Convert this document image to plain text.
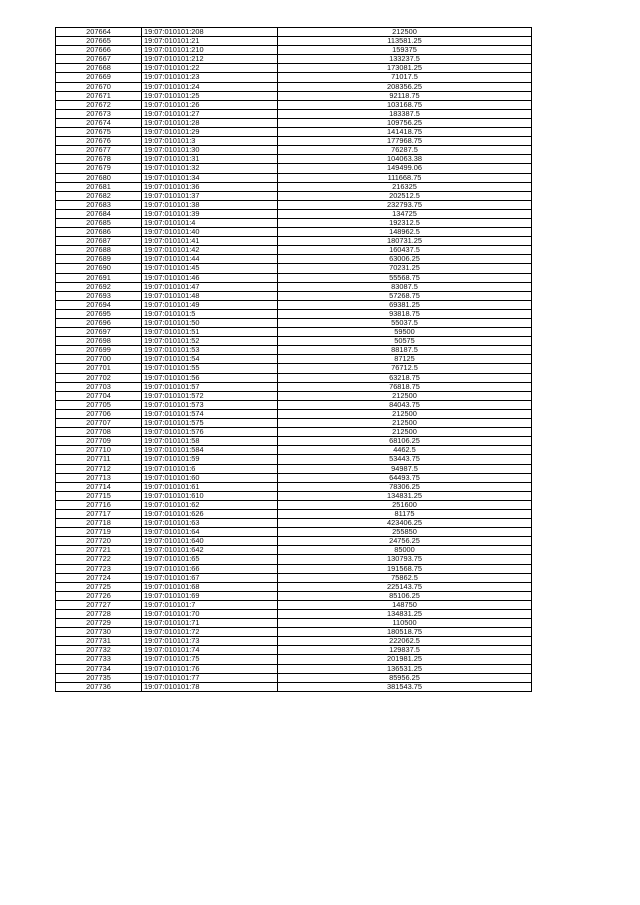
207664	19:07:010101:208	212500
207665	19:07:010101:21	113581.25
207666	19:07:010101:210	159375
207667	19:07:010101:212	133237.5
207668	19:07:010101:22	173081.25
207669	19:07:010101:23	71017.5
207670	19:07:010101:24	208356.25
207671	19:07:010101:25	92118.75
207672	19:07:010101:26	103168.75
207673	19:07:010101:27	183387.5
207674	19:07:010101:28	109756.25
207675	19:07:010101:29	141418.75
207676	19:07:010101:3	177968.75
207677	19:07:010101:30	76287.5
207678	19:07:010101:31	104063.38
207679	19:07:010101:32	149499.06
207680	19:07:010101:34	111668.75
207681	19:07:010101:36	216325
207682	19:07:010101:37	202512.5
207683	19:07:010101:38	232793.75
207684	19:07:010101:39	134725
207685	19:07:010101:4	192312.5
207686	19:07:010101:40	148962.5
207687	19:07:010101:41	180731.25
207688	19:07:010101:42	160437.5
207689	19:07:010101:44	63006.25
207690	19:07:010101:45	70231.25
207691	19:07:010101:46	55568.75
207692	19:07:010101:47	83087.5
207693	19:07:010101:48	57268.75
207694	19:07:010101:49	69381.25
207695	19:07:010101:5	93818.75
207696	19:07:010101:50	55037.5
207697	19:07:010101:51	59500
207698	19:07:010101:52	50575
207699	19:07:010101:53	88187.5
207700	19:07:010101:54	87125
207701	19:07:010101:55	76712.5
207702	19:07:010101:56	63218.75
207703	19:07:010101:57	76818.75
207704	19:07:010101:572	212500
207705	19:07:010101:573	84043.75
207706	19:07:010101:574	212500
207707	19:07:010101:575	212500
207708	19:07:010101:576	212500
207709	19:07:010101:58	68106.25
207710	19:07:010101:584	4462.5
207711	19:07:010101:59	53443.75
207712	19:07:010101:6	94987.5
207713	19:07:010101:60	64493.75
207714	19:07:010101:61	78306.25
207715	19:07:010101:610	134831.25
207716	19:07:010101:62	251600
207717	19:07:010101:626	81175
207718	19:07:010101:63	423406.25
207719	19:07:010101:64	255850
207720	19:07:010101:640	24756.25
207721	19:07:010101:642	85000
207722	19:07:010101:65	130793.75
207723	19:07:010101:66	191568.75
207724	19:07:010101:67	75862.5
207725	19:07:010101:68	225143.75
207726	19:07:010101:69	85106.25
207727	19:07:010101:7	148750
207728	19:07:010101:70	134831.25
207729	19:07:010101:71	110500
207730	19:07:010101:72	180518.75
207731	19:07:010101:73	222062.5
207732	19:07:010101:74	129837.5
207733	19:07:010101:75	201981.25
207734	19:07:010101:76	136531.25
207735	19:07:010101:77	85956.25
207736	19:07:010101:78	381543.75
